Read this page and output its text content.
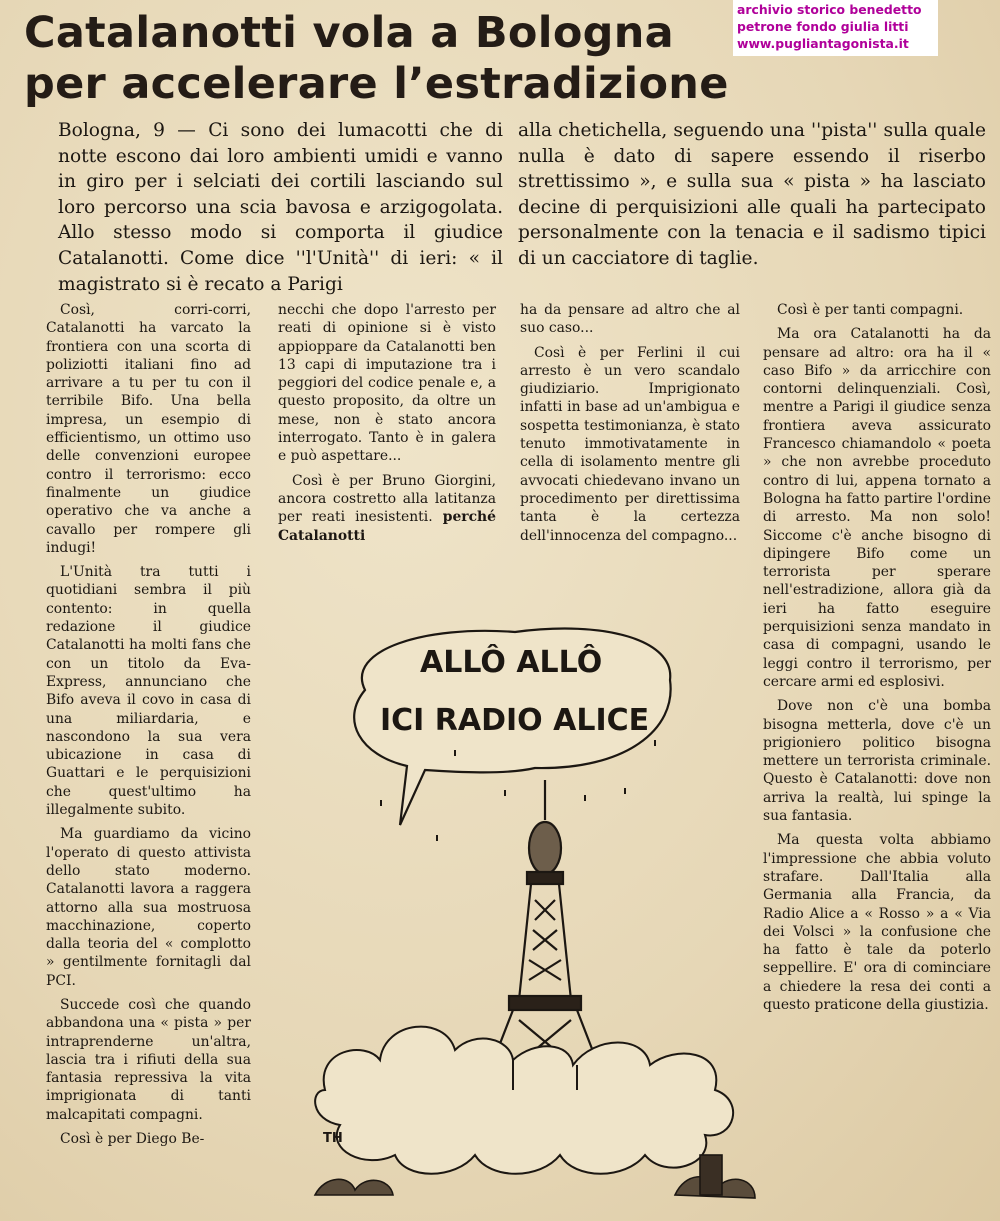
archivio storico benedetto
petrone fondo giulia litti
www.pugliantagonista.it
Catalanotti vola a Bologna
per accelerare l’estradizione
Bologna, 9 — Ci sono dei lumacotti che di notte escono dai loro ambienti umidi e vanno in giro per i selciati dei cortili lasciando sul loro percorso una scia bavosa e arzigogolata. Allo stesso modo si comporta il giudice Catalanotti. Come dice ''l'Unità'' di ieri: « il magistrato si è recato a Parigi
alla chetichella, seguendo una ''pista'' sulla quale nulla è dato di sapere essendo il riserbo strettissimo », e sulla sua « pista » ha lasciato decine di perquisizioni alle quali ha partecipato personalmente con la tenacia e il sadismo tipici di un cacciatore di taglie.

Così, corri-corri, Catalanotti ha varcato la frontiera con una scorta di poliziotti italiani fino ad arrivare a tu per tu con il terribile Bifo. Una bella impresa, un esempio di efficientismo, un ottimo uso delle convenzioni europee contro il terrorismo: ecco finalmente un giudice operativo che va anche a cavallo per rompere gli indugi!

L'Unità tra tutti i quotidiani sembra il più contento: in quella redazione il giudice Catalanotti ha molti fans che con un titolo da Eva-Express, annunciano che Bifo aveva il covo in casa di una miliardaria, e nascondono la sua vera ubicazione in casa di Guattari e le perquisizioni che quest'ultimo ha illegalmente subito.

Ma guardiamo da vicino l'operato di questo attivista dello stato moderno. Catalanotti lavora a raggera attorno alla sua mostruosa macchinazione, coperto dalla teoria del « complotto » gentilmente fornitagli dal PCI.

Succede così che quando abbandona una « pista » per intraprenderne un'altra, lascia tra i rifiuti della sua fantasia repressiva la vita imprigionata di tanti malcapitati compagni.

Così è per Diego Be-

necchi che dopo l'arresto per reati di opinione si è visto appioppare da Catalanotti ben 13 capi di imputazione tra i peggiori del codice penale e, a questo proposito, da oltre un mese, non è stato ancora interrogato. Tanto è in galera e può aspettare...

Così è per Bruno Giorgini, ancora costretto alla latitanza per reati inesistenti. perché Catalanotti

ha da pensare ad altro che al suo caso...

Così è per Ferlini il cui arresto è un vero scandalo giudiziario. Imprigionato infatti in base ad un'ambigua e sospetta testimonianza, è stato tenuto immotivatamente in cella di isolamento mentre gli avvocati chiedevano invano un procedimento per direttissima tanta è la certezza dell'innocenza del compagno...

Così è per tanti compagni.

Ma ora Catalanotti ha da pensare ad altro: ora ha il « caso Bifo » da arricchire con contorni delinquenziali. Così, mentre a Parigi il giudice senza frontiera aveva assicurato Francesco chiamandolo « poeta » che non avrebbe proceduto contro di lui, appena tornato a Bologna ha fatto partire l'ordine di arresto. Ma non solo! Siccome c'è anche bisogno di dipingere Bifo come un terrorista per sperare nell'estradizione, allora già da ieri ha fatto eseguire perquisizioni senza mandato in casa di compagni, usando le leggi contro il terrorismo, per cercare armi ed esplosivi.

Dove non c'è una bomba bisogna metterla, dove c'è un prigioniero politico bisogna mettere un terrorista criminale. Questo è Catalanotti: dove non arriva la realtà, lui spinge la sua fantasia.

Ma questa volta abbiamo l'impressione che abbia voluto strafare. Dall'Italia alla Germania alla Francia, da Radio Alice a « Rosso » a « Via dei Volsci » la confusione che ha fatto è tale da poterlo seppellire. E' ora di cominciare a chiedere la resa dei conti a questo praticone della giustizia.

ALLÔ ALLÔ
ICI RADIO ALICE
TH
